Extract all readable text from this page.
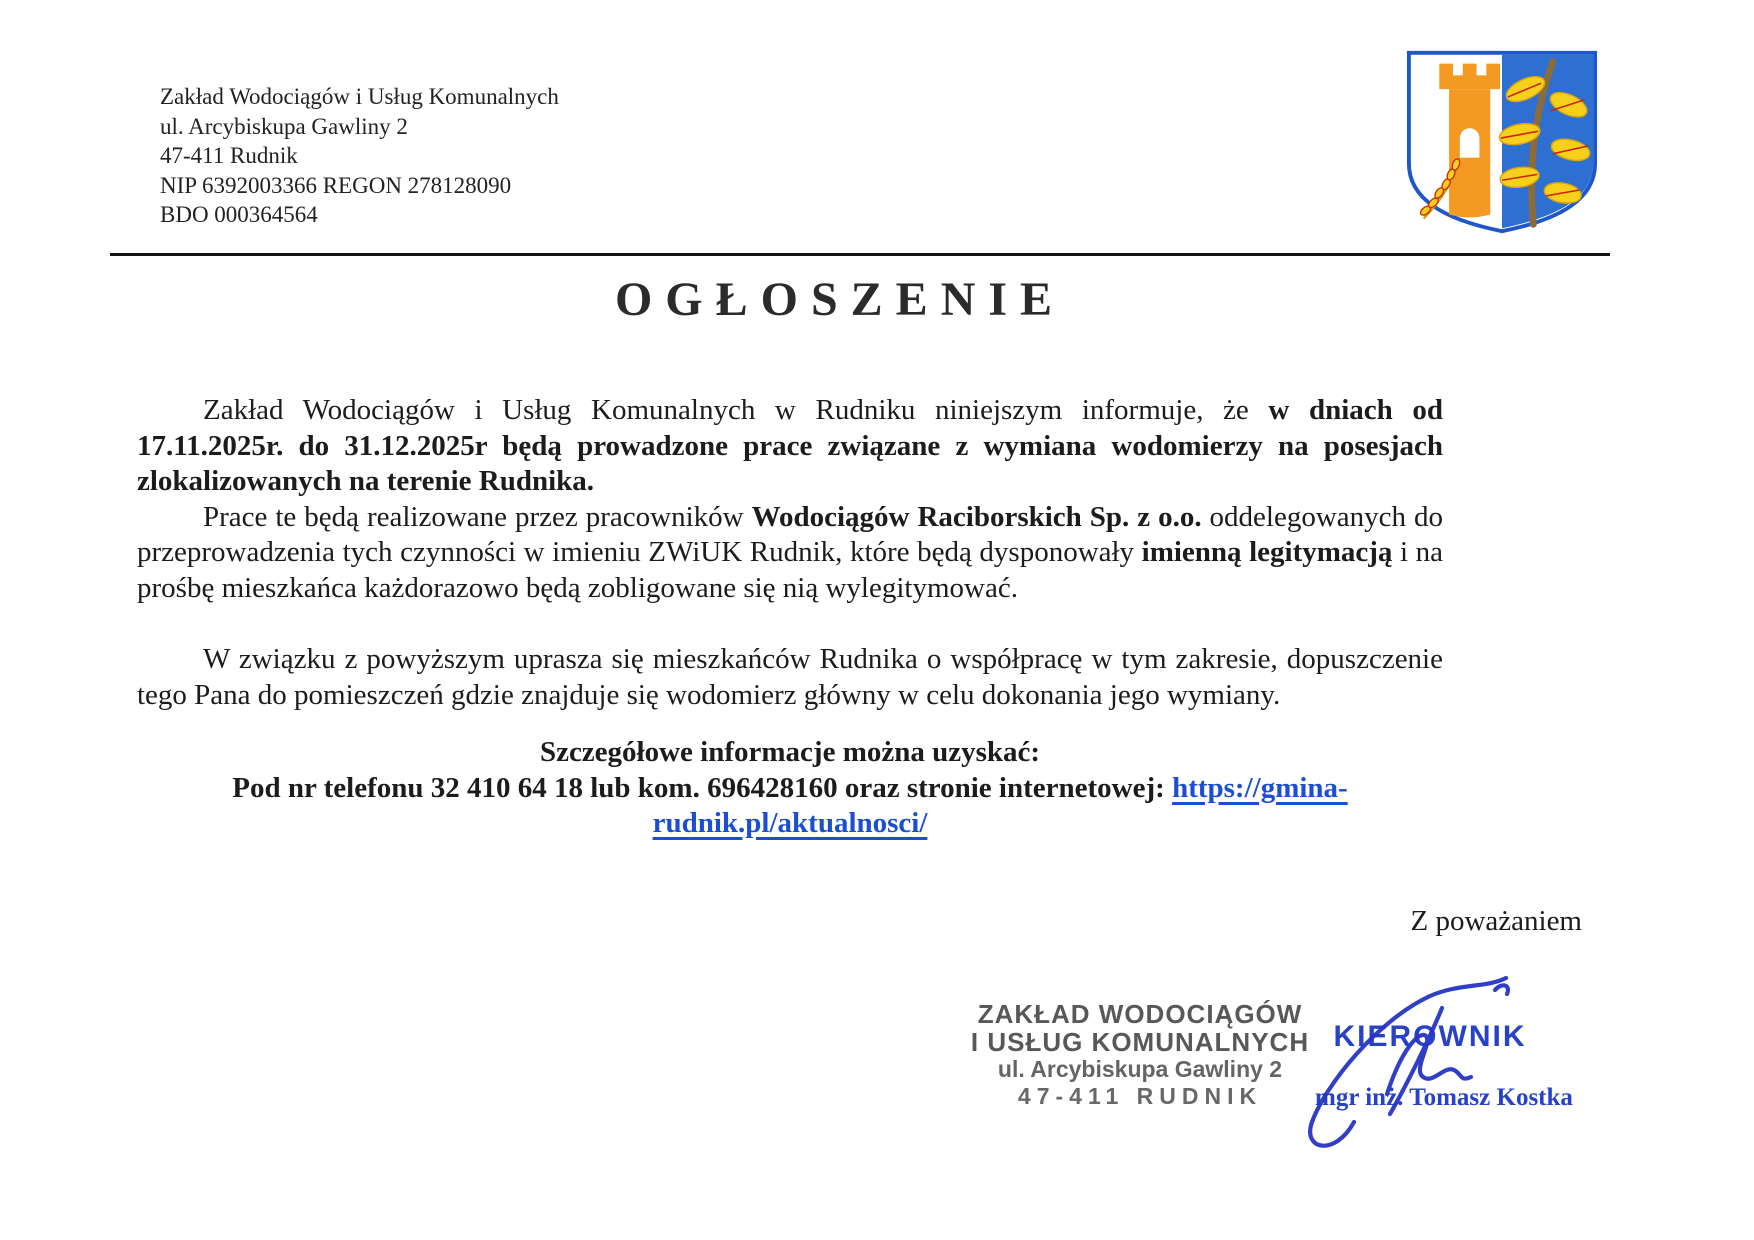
Zakład Wodociągów i Usług Komunalnych
ul. Arcybiskupa Gawliny 2
47-411 Rudnik
NIP 6392003366 REGON 278128090
BDO 000364564
OGŁOSZENIE

Zakład Wodociągów i Usług Komunalnych w Rudniku niniejszym informuje, że w dniach od 17.11.2025r. do 31.12.2025r będą prowadzone prace związane z wymiana wodomierzy na posesjach zlokalizowanych na terenie Rudnika.

Prace te będą realizowane przez pracowników Wodociągów Raciborskich Sp. z o.o. oddelegowanych do przeprowadzenia tych czynności w imieniu ZWiUK Rudnik, które będą dysponowały imienną legitymacją i na prośbę mieszkańca każdorazowo będą zobligowane się nią wylegitymować.

W związku z powyższym uprasza się mieszkańców Rudnika o współpracę w tym zakresie, dopuszczenie tego Pana do pomieszczeń gdzie znajduje się wodomierz główny w celu dokonania jego wymiany.

Szczegółowe informacje można uzyskać:

Pod nr telefonu 32 410 64 18 lub kom. 696428160 oraz stronie internetowej: https://gmina-
rudnik.pl/aktualnosci/

Z poważaniem
ZAKŁAD WODOCIĄGÓW
I USŁUG KOMUNALNYCH
ul. Arcybiskupa Gawliny 2
47-411 RUDNIK
KIEROWNIK
mgr inż. Tomasz Kostka
